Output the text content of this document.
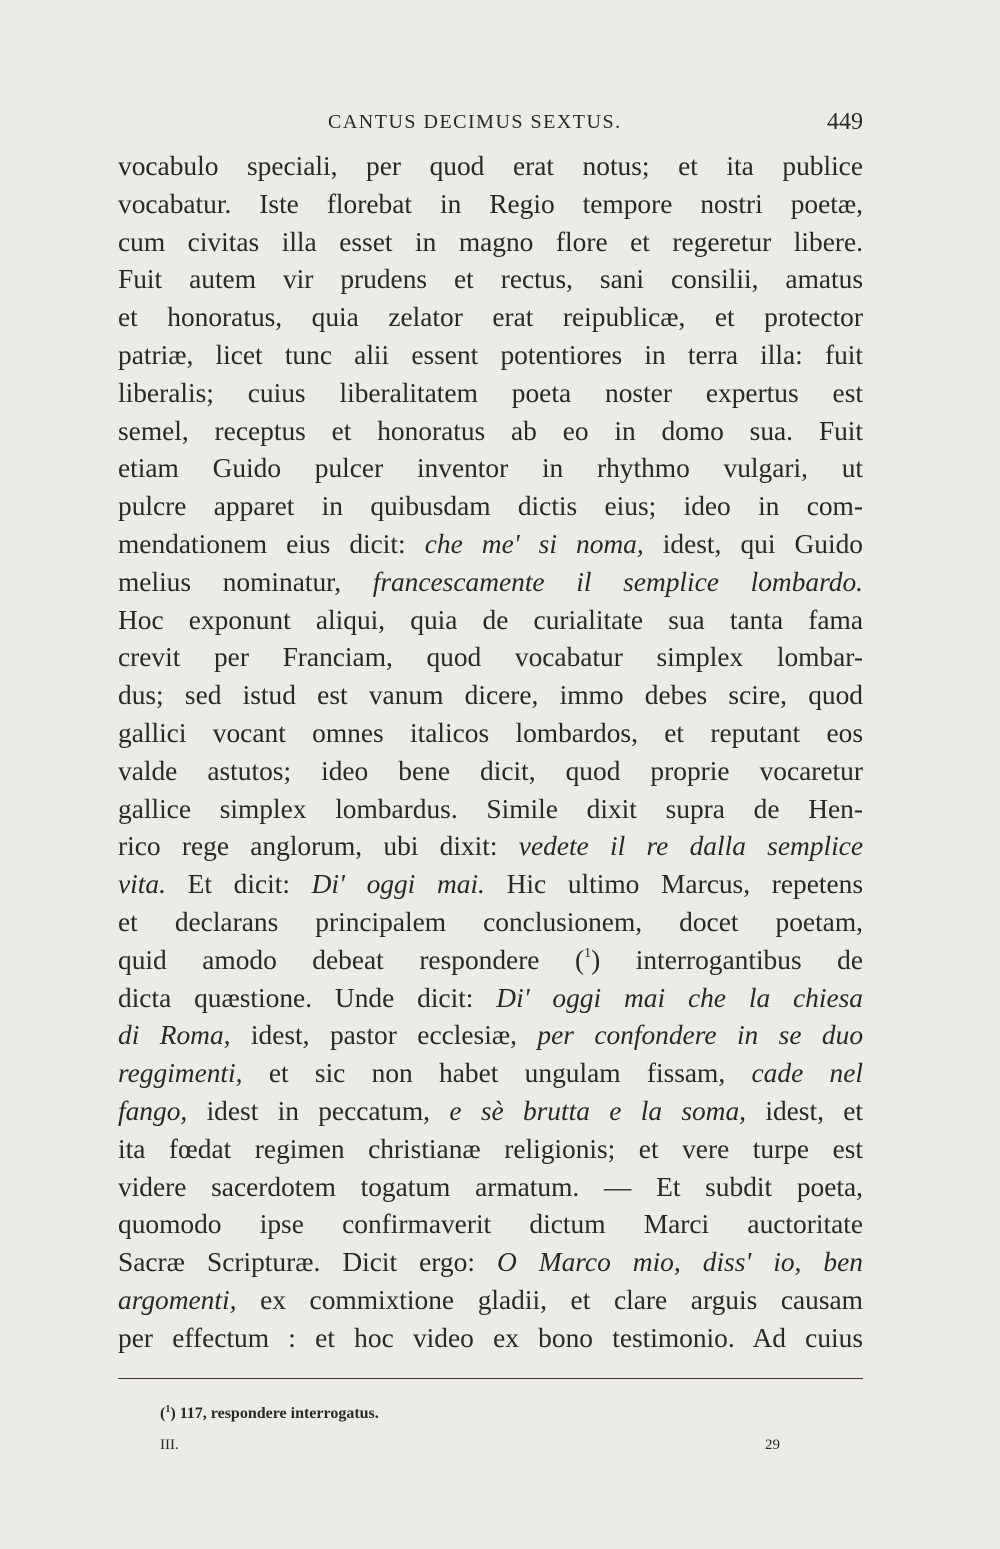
CANTUS DECIMUS SEXTUS.	449
vocabulo speciali, per quod erat notus; et ita publice
vocabatur. Iste florebat in Regio tempore nostri poetæ,
cum civitas illa esset in magno flore et regeretur libere.
Fuit autem vir prudens et rectus, sani consilii, amatus
et honoratus, quia zelator erat reipublicæ, et protector
patriæ, licet tunc alii essent potentiores in terra illa: fuit
liberalis; cuius liberalitatem poeta noster expertus est
semel, receptus et honoratus ab eo in domo sua. Fuit
etiam Guido pulcer inventor in rhythmo vulgari, ut
pulcre apparet in quibusdam dictis eius; ideo in com-
mendationem eius dicit: che me' si noma, idest, qui Guido
melius nominatur, francescamente il semplice lombardo.
Hoc exponunt aliqui, quia de curialitate sua tanta fama
crevit per Franciam, quod vocabatur simplex lombar-
dus; sed istud est vanum dicere, immo debes scire, quod
gallici vocant omnes italicos lombardos, et reputant eos
valde astutos; ideo bene dicit, quod proprie vocaretur
gallice simplex lombardus. Simile dixit supra de Hen-
rico rege anglorum, ubi dixit: vedete il re dalla semplice
vita. Et dicit: Di' oggi mai. Hic ultimo Marcus, repetens
et declarans principalem conclusionem, docet poetam,
quid amodo debeat respondere ($^1$) interrogantibus de
dicta quæstione. Unde dicit: Di' oggi mai che la chiesa
di Roma, idest, pastor ecclesiæ, per confondere in se duo
reggimenti, et sic non habet ungulam fissam, cade nel
fango, idest in peccatum, e sè brutta e la soma, idest, et
ita fœdat regimen christianæ religionis; et vere turpe est
videre sacerdotem togatum armatum. — Et subdit poeta,
quomodo ipse confirmaverit dictum Marci auctoritate
Sacræ Scripturæ. Dicit ergo: O Marco mio, diss' io, ben
argomenti, ex commixtione gladii, et clare arguis causam
per effectum : et hoc video ex bono testimonio. Ad cuius
($^1$) 117, respondere interrogatus.
III.	29
